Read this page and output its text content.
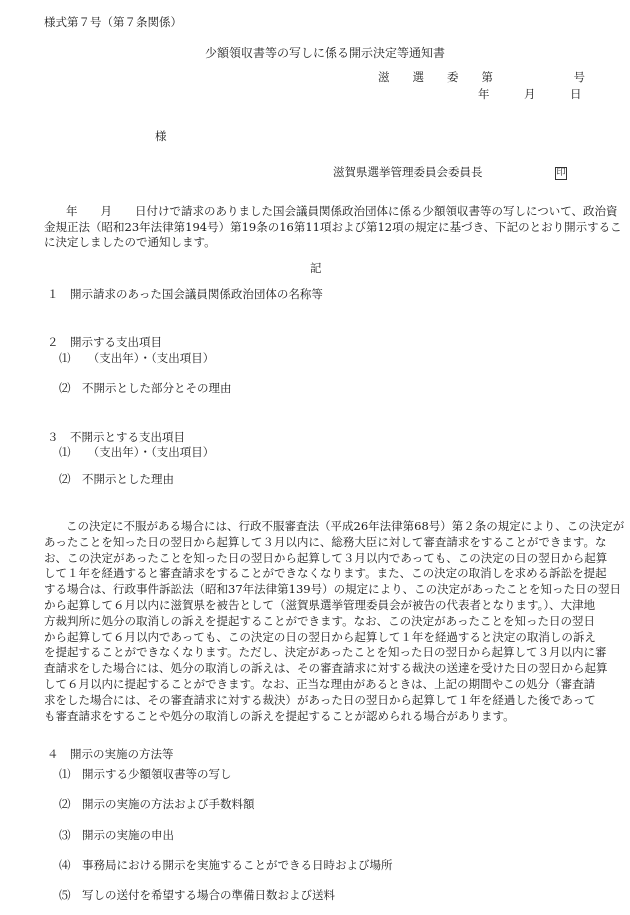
様式第７号（第７条関係）
少額領収書等の写しに係る開示決定等通知書
滋　　選　　委　　第　　　　　　　号
年　　　月　　　日
様
滋賀県選挙管理委員会委員長	印
年　　月　　日付けで請求のありました国会議員関係政治団体に係る少額領収書等の写しについて、政治資
金規正法（昭和23年法律第194号）第19条の16第11項および第12項の規定に基づき、下記のとおり開示するこ
に決定しましたので通知します。
記
１　開示請求のあった国会議員関係政治団体の名称等
２　開示する支出項目
⑴　　（支出年）・（支出項目）
⑵　不開示とした部分とその理由
３　不開示とする支出項目
⑴　　（支出年）・（支出項目）
⑵　不開示とした理由
この決定に不服がある場合には、行政不服審査法（平成26年法律第68号）第２条の規定により、この決定が
あったことを知った日の翌日から起算して３月以内に、総務大臣に対して審査請求をすることができます。な
お、この決定があったことを知った日の翌日から起算して３月以内であっても、この決定の日の翌日から起算
して１年を経過すると審査請求をすることができなくなります。また、この決定の取消しを求める訴訟を提起
する場合は、行政事件訴訟法（昭和37年法律第139号）の規定により、この決定があったことを知った日の翌日
から起算して６月以内に滋賀県を被告として（滋賀県選挙管理委員会が被告の代表者となります。）、大津地
方裁判所に処分の取消しの訴えを提起することができます。なお、この決定があったことを知った日の翌日
から起算して６月以内であっても、この決定の日の翌日から起算して１年を経過すると決定の取消しの訴え
を提起することができなくなります。ただし、決定があったことを知った日の翌日から起算して３月以内に審
査請求をした場合には、処分の取消しの訴えは、その審査請求に対する裁決の送達を受けた日の翌日から起算
して６月以内に提起することができます。なお、正当な理由があるときは、上記の期間やこの処分（審査請
求をした場合には、その審査請求に対する裁決）があった日の翌日から起算して１年を経過した後であって
も審査請求をすることや処分の取消しの訴えを提起することが認められる場合があります。
４　開示の実施の方法等
⑴　開示する少額領収書等の写し
⑵　開示の実施の方法および手数料額
⑶　開示の実施の申出
⑷　事務局における開示を実施することができる日時および場所
⑸　写しの送付を希望する場合の準備日数および送料
